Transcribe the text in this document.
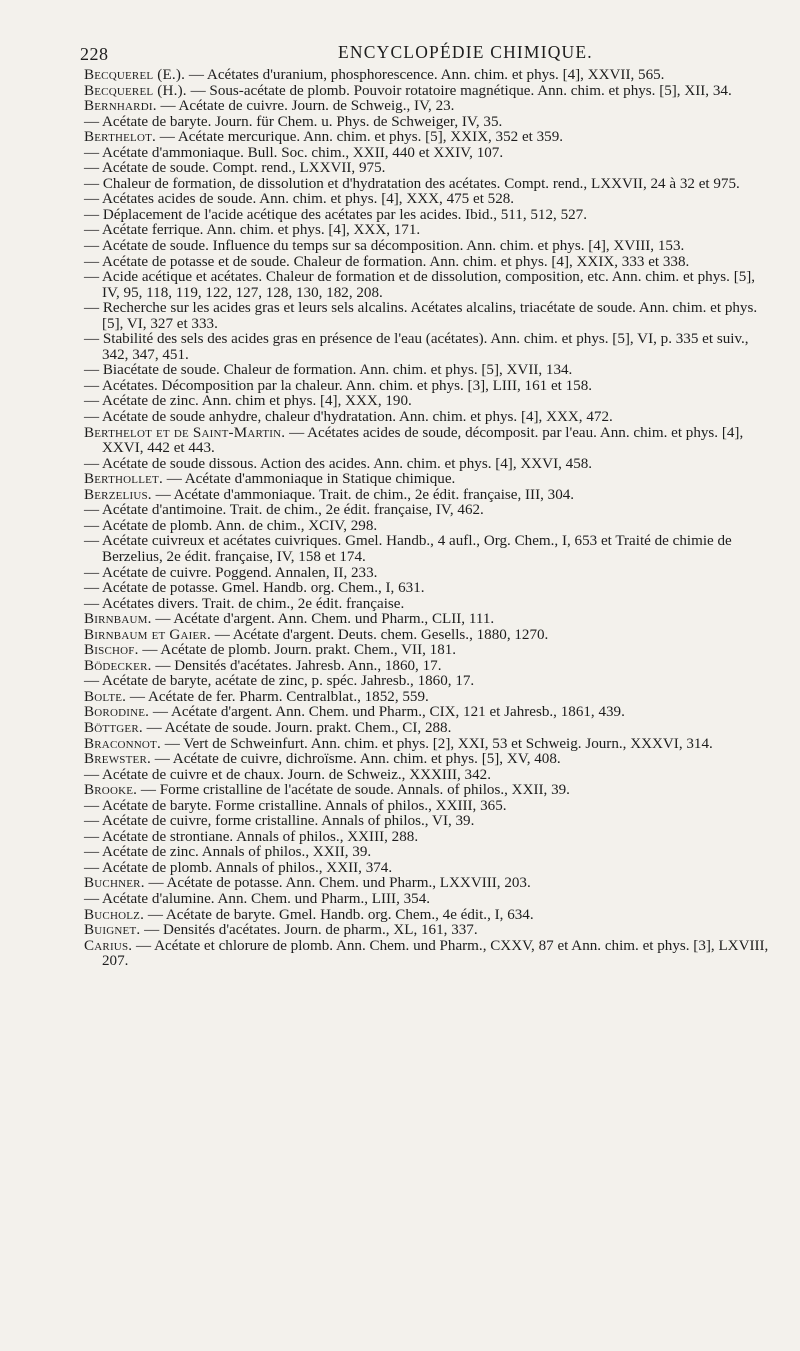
228	ENCYCLOPÉDIE CHIMIQUE.

Becquerel (E.). — Acétates d'uranium, phosphorescence. Ann. chim. et phys. [4], XXVII, 565.

Becquerel (H.). — Sous-acétate de plomb. Pouvoir rotatoire magnétique. Ann. chim. et phys. [5], XII, 34.

Bernhardi. — Acétate de cuivre. Journ. de Schweig., IV, 23.

— Acétate de baryte. Journ. für Chem. u. Phys. de Schweiger, IV, 35.

Berthelot. — Acétate mercurique. Ann. chim. et phys. [5], XXIX, 352 et 359.

— Acétate d'ammoniaque. Bull. Soc. chim., XXII, 440 et XXIV, 107.

— Acétate de soude. Compt. rend., LXXVII, 975.

— Chaleur de formation, de dissolution et d'hydratation des acétates. Compt. rend., LXXVII, 24 à 32 et 975.

— Acétates acides de soude. Ann. chim. et phys. [4], XXX, 475 et 528.

— Déplacement de l'acide acétique des acétates par les acides. Ibid., 511, 512, 527.

— Acétate ferrique. Ann. chim. et phys. [4], XXX, 171.

— Acétate de soude. Influence du temps sur sa décomposition. Ann. chim. et phys. [4], XVIII, 153.

— Acétate de potasse et de soude. Chaleur de formation. Ann. chim. et phys. [4], XXIX, 333 et 338.

— Acide acétique et acétates. Chaleur de formation et de dissolution, composition, etc. Ann. chim. et phys. [5], IV, 95, 118, 119, 122, 127, 128, 130, 182, 208.

— Recherche sur les acides gras et leurs sels alcalins. Acétates alcalins, triacétate de soude. Ann. chim. et phys. [5], VI, 327 et 333.

— Stabilité des sels des acides gras en présence de l'eau (acétates). Ann. chim. et phys. [5], VI, p. 335 et suiv., 342, 347, 451.

— Biacétate de soude. Chaleur de formation. Ann. chim. et phys. [5], XVII, 134.

— Acétates. Décomposition par la chaleur. Ann. chim. et phys. [3], LIII, 161 et 158.

— Acétate de zinc. Ann. chim et phys. [4], XXX, 190.

— Acétate de soude anhydre, chaleur d'hydratation. Ann. chim. et phys. [4], XXX, 472.

Berthelot et de Saint-Martin. — Acétates acides de soude, décomposit. par l'eau. Ann. chim. et phys. [4], XXVI, 442 et 443.

— Acétate de soude dissous. Action des acides. Ann. chim. et phys. [4], XXVI, 458.

Berthollet. — Acétate d'ammoniaque in Statique chimique.

Berzelius. — Acétate d'ammoniaque. Trait. de chim., 2e édit. française, III, 304.

— Acétate d'antimoine. Trait. de chim., 2e édit. française, IV, 462.

— Acétate de plomb. Ann. de chim., XCIV, 298.

— Acétate cuivreux et acétates cuivriques. Gmel. Handb., 4 aufl., Org. Chem., I, 653 et Traité de chimie de Berzelius, 2e édit. française, IV, 158 et 174.

— Acétate de cuivre. Poggend. Annalen, II, 233.

— Acétate de potasse. Gmel. Handb. org. Chem., I, 631.

— Acétates divers. Trait. de chim., 2e édit. française.

Birnbaum. — Acétate d'argent. Ann. Chem. und Pharm., CLII, 111.

Birnbaum et Gaier. — Acétate d'argent. Deuts. chem. Gesells., 1880, 1270.

Bischof. — Acétate de plomb. Journ. prakt. Chem., VII, 181.

Bödecker. — Densités d'acétates. Jahresb. Ann., 1860, 17.

— Acétate de baryte, acétate de zinc, p. spéc. Jahresb., 1860, 17.

Bolte. — Acétate de fer. Pharm. Centralblat., 1852, 559.

Borodine. — Acétate d'argent. Ann. Chem. und Pharm., CIX, 121 et Jahresb., 1861, 439.

Böttger. — Acétate de soude. Journ. prakt. Chem., CI, 288.

Braconnot. — Vert de Schweinfurt. Ann. chim. et phys. [2], XXI, 53 et Schweig. Journ., XXXVI, 314.

Brewster. — Acétate de cuivre, dichroïsme. Ann. chim. et phys. [5], XV, 408.

— Acétate de cuivre et de chaux. Journ. de Schweiz., XXXIII, 342.

Brooke. — Forme cristalline de l'acétate de soude. Annals. of philos., XXII, 39.

— Acétate de baryte. Forme cristalline. Annals of philos., XXIII, 365.

— Acétate de cuivre, forme cristalline. Annals of philos., VI, 39.

— Acétate de strontiane. Annals of philos., XXIII, 288.

— Acétate de zinc. Annals of philos., XXII, 39.

— Acétate de plomb. Annals of philos., XXII, 374.

Buchner. — Acétate de potasse. Ann. Chem. und Pharm., LXXVIII, 203.

— Acétate d'alumine. Ann. Chem. und Pharm., LIII, 354.

Bucholz. — Acétate de baryte. Gmel. Handb. org. Chem., 4e édit., I, 634.

Buignet. — Densités d'acétates. Journ. de pharm., XL, 161, 337.

Carius. — Acétate et chlorure de plomb. Ann. Chem. und Pharm., CXXV, 87 et Ann. chim. et phys. [3], LXVIII, 207.
